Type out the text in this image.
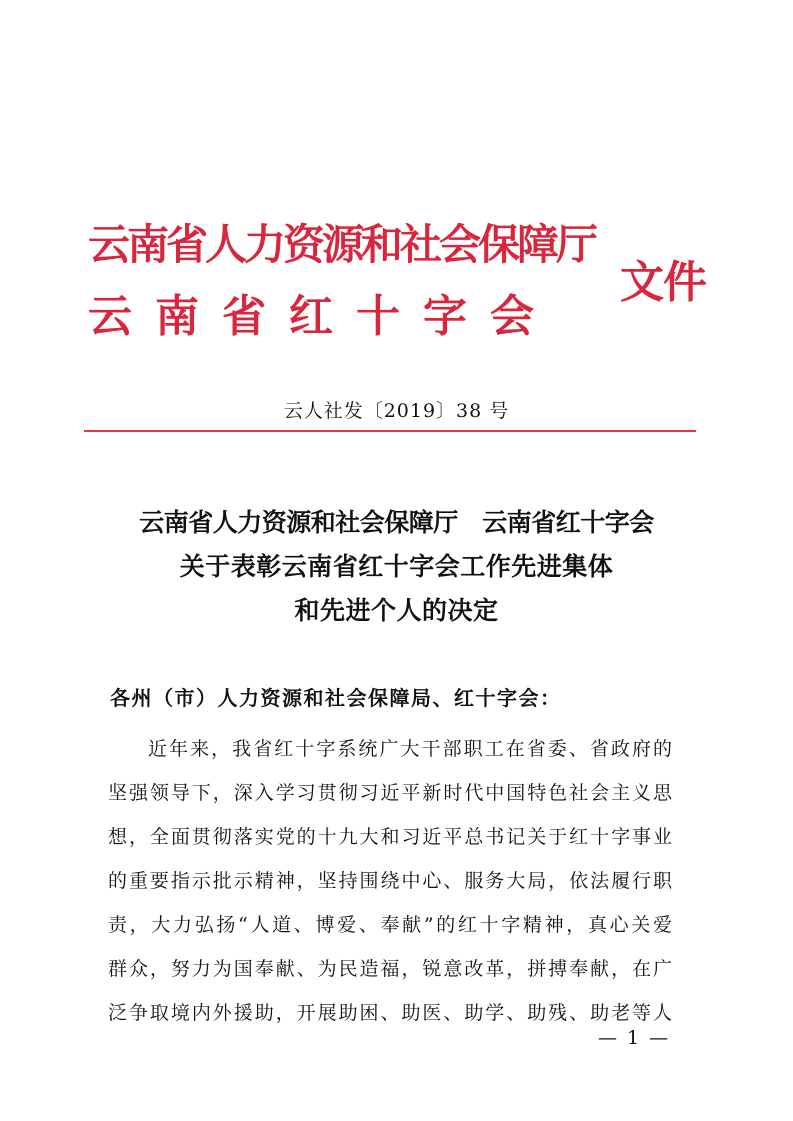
云南省人力资源和社会保障厅
云南省红十字会
文件
云人社发〔2019〕38 号
云南省人力资源和社会保障厅　云南省红十字会
关于表彰云南省红十字会工作先进集体
和先进个人的决定
各州（市）人力资源和社会保障局、红十字会：
近年来，我省红十字系统广大干部职工在省委、省政府的
坚强领导下，深入学习贯彻习近平新时代中国特色社会主义思
想，全面贯彻落实党的十九大和习近平总书记关于红十字事业
的重要指示批示精神，坚持围绕中心、服务大局，依法履行职
责，大力弘扬“人道、博爱、奉献”的红十字精神，真心关爱
群众，努力为国奉献、为民造福，锐意改革，拼搏奉献，在广
泛争取境内外援助，开展助困、助医、助学、助残、助老等人
— 1 —
